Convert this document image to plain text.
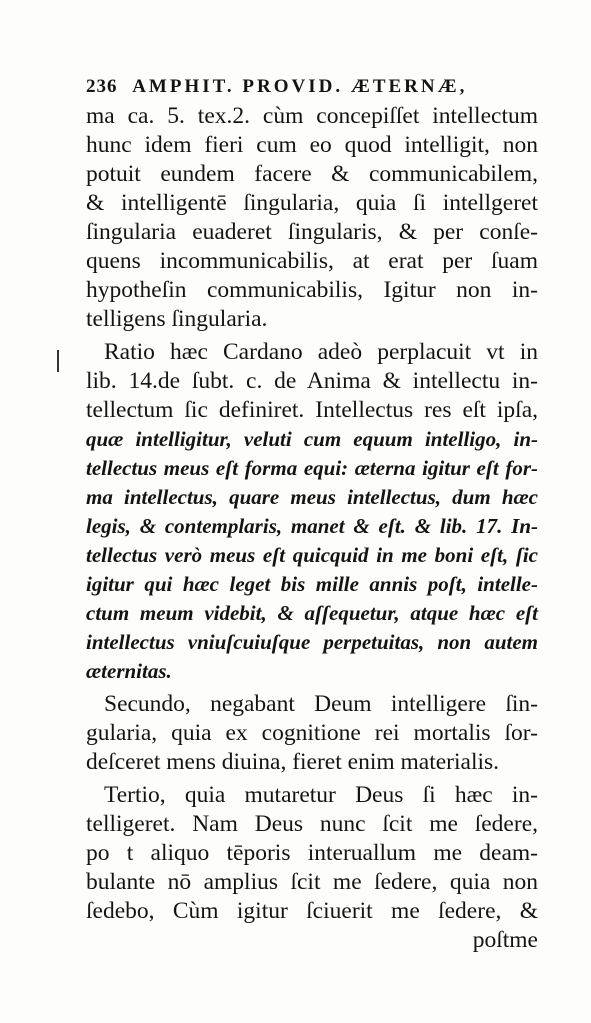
236 AMPHIT. PROVID. ÆTERNÆ,
ma ca. 5. tex.2. cùm concepiſſet intellectum
hunc idem fieri cum eo quod intelligit, non
potuit eundem facere & communicabilem,
& intelligentē ſingularia, quia ſi intellgeret
ſingularia euaderet ſingularis, & per conſe-
quens incommunicabilis, at erat per ſuam
hypotheſin communicabilis, Igitur non in-
telligens ſingularia.
Ratio hæc Cardano adeò perplacuit vt in
lib. 14.de ſubt. c. de Anima & intellectu in-
tellectum ſic definiret. Intellectus res eſt ipſa,
quæ intelligitur, veluti cum equum intelligo, in-
tellectus meus eſt forma equi: æterna igitur eſt for-
ma intellectus, quare meus intellectus, dum hæc
legis, & contemplaris, manet & eſt. & lib. 17. In-
tellectus verò meus eſt quicquid in me boni eſt, ſic
igitur qui hæc leget bis mille annis poſt, intelle-
ctum meum videbit, & aſſequetur, atque hæc eſt
intellectus vniuſcuiuſque perpetuitas, non autem
æternitas.
Secundo, negabant Deum intelligere ſin-
gularia, quia ex cognitione rei mortalis ſor-
deſceret mens diuina, fieret enim materialis.
Tertio, quia mutaretur Deus ſi hæc in-
telligeret. Nam Deus nunc ſcit me ſedere,
po t aliquo tēporis interuallum me deam-
bulante nō amplius ſcit me ſedere, quia non
ſedebo, Cùm igitur ſciuerit me ſedere, &
poſtme
